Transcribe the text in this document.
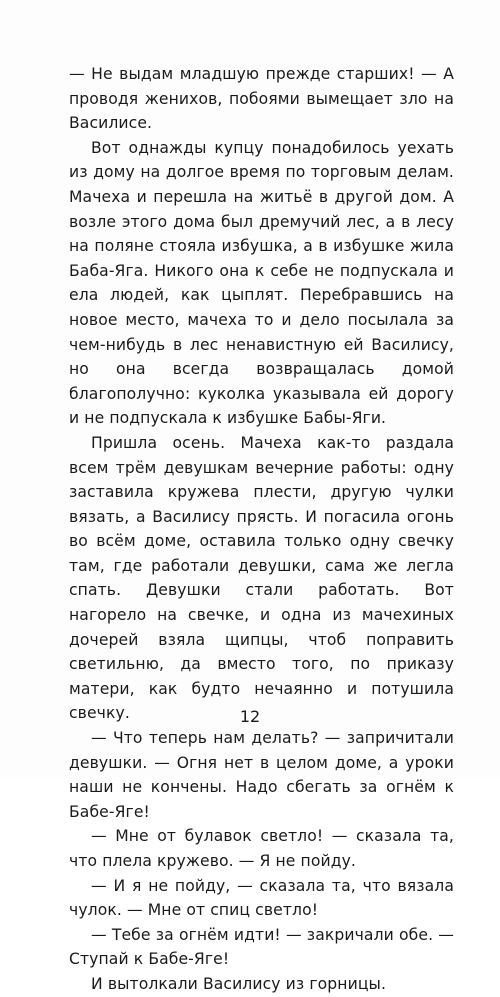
— Не выдам младшую прежде старших! — А проводя женихов, побоями вымещает зло на Василисе.

Вот однажды купцу понадобилось уехать из дому на долгое время по торговым делам. Мачеха и перешла на житьё в другой дом. А возле этого дома был дремучий лес, а в лесу на поляне стояла избушка, а в избушке жила Баба-Яга. Никого она к себе не подпускала и ела людей, как цыплят. Перебравшись на новое место, мачеха то и дело посылала за чем-нибудь в лес ненавистную ей Василису, но она всегда возвращалась домой благополучно: куколка указывала ей дорогу и не подпускала к избушке Бабы-Яги.

Пришла осень. Мачеха как-то раздала всем трём девушкам вечерние работы: одну заставила кружева плести, другую чулки вязать, а Василису прясть. И погасила огонь во всём доме, оставила только одну свечку там, где работали девушки, сама же легла спать. Девушки стали работать. Вот нагорело на свечке, и одна из мачехиных дочерей взяла щипцы, чтоб поправить светильню, да вместо того, по приказу матери, как будто нечаянно и потушила свечку.

— Что теперь нам делать? — запричитали девушки. — Огня нет в целом доме, а уроки наши не кончены. Надо сбегать за огнём к Бабе-Яге!

— Мне от булавок светло! — сказала та, что плела кружево. — Я не пойду.

— И я не пойду, — сказала та, что вязала чулок. — Мне от спиц светло!

— Тебе за огнём идти! — закричали обе. — Ступай к Бабе-Яге!

И вытолкали Василису из горницы.

12
